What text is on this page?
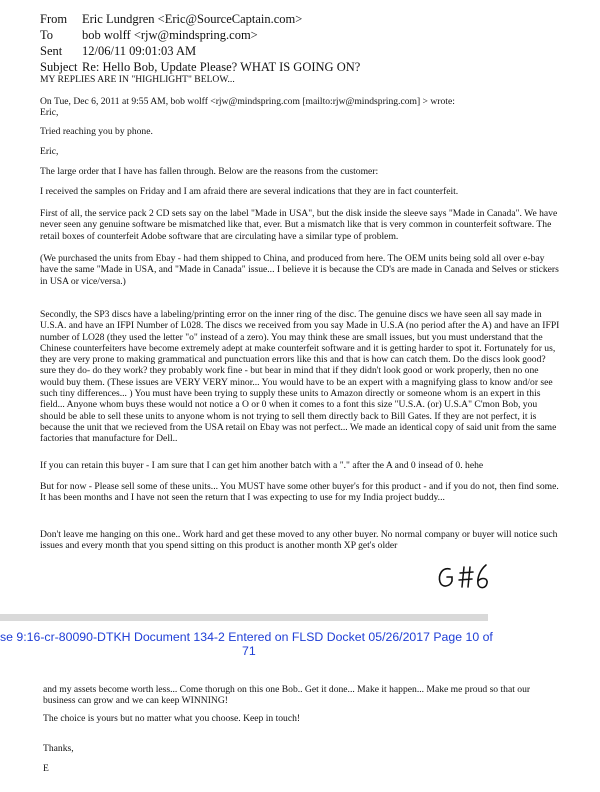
From Eric Lundgren <Eric@SourceCaptain.com>
To bob wolff <rjw@mindspring.com>
Sent 12/06/11 09:01:03 AM
Subject Re: Hello Bob, Update Please? WHAT IS GOING ON?

MY REPLIES ARE IN "HIGHLIGHT" BELOW...

On Tue, Dec 6, 2011 at 9:55 AM, bob wolff <rjw@mindspring.com [mailto:rjw@mindspring.com] > wrote:

Eric,

Tried reaching you by phone.

Eric,

The large order that I have has fallen through. Below are the reasons from the customer:

I received the samples on Friday and I am afraid there are several indications that they are in fact counterfeit.

First of all, the service pack 2 CD sets say on the label "Made in USA", but the disk inside the sleeve says "Made in Canada". We have never seen any genuine software be mismatched like that, ever. But a mismatch like that is very common in counterfeit software. The retail boxes of counterfeit Adobe software that are circulating have a similar type of problem.

(We purchased the units from Ebay - had them shipped to China, and produced from here. The OEM units being sold all over e-bay have the same "Made in USA, and "Made in Canada" issue... I believe it is because the CD's are made in Canada and Selves or stickers in USA or vice/versa.)

Secondly, the SP3 discs have a labeling/printing error on the inner ring of the disc. The genuine discs we have seen all say made in U.S.A. and have an IFPI Number of L028. The discs we received from you say Made in U.S.A (no period after the A) and have an IFPI number of LO28 (they used the letter "o" instead of a zero). You may think these are small issues, but you must understand that the Chinese counterfeiters have become extremely adept at make counterfeit software and it is getting harder to spot it. Fortunately for us, they are very prone to making grammatical and punctuation errors like this and that is how can catch them. Do the discs look good? sure they do- do they work? they probably work fine - but bear in mind that if they didn't look good or work properly, then no one would buy them. (These issues are VERY VERY minor... You would have to be an expert with a magnifying glass to know and/or see such tiny differences... ) You must have been trying to supply these units to Amazon directly or someone whom is an expert in this field... Anyone whom buys these would not notice a O or 0 when it comes to a font this size "U.S.A. (or) U.S.A" C'mon Bob, you should be able to sell these units to anyone whom is not trying to sell them directly back to Bill Gates. If they are not perfect, it is because the unit that we recieved from the USA retail on Ebay was not perfect... We made an identical copy of said unit from the same factories that manufacture for Dell..

If you can retain this buyer - I am sure that I can get him another batch with a "." after the A and 0 insead of 0. hehe

But for now - Please sell some of these units... You MUST have some other buyer's for this product - and if you do not, then find some. It has been months and I have not seen the return that I was expecting to use for my India project buddy...

Don't leave me hanging on this one.. Work hard and get these moved to any other buyer. No normal company or buyer will notice such issues and every month that you spend sitting on this product is another month XP get's older

se 9:16-cr-80090-DTKH Document 134-2 Entered on FLSD Docket 05/26/2017 Page 10 of
71

and my assets become worth less... Come thorugh on this one Bob.. Get it done... Make it happen... Make me proud so that our business can grow and we can keep WINNING!

The choice is yours but no matter what you choose. Keep in touch!

Thanks,

E
